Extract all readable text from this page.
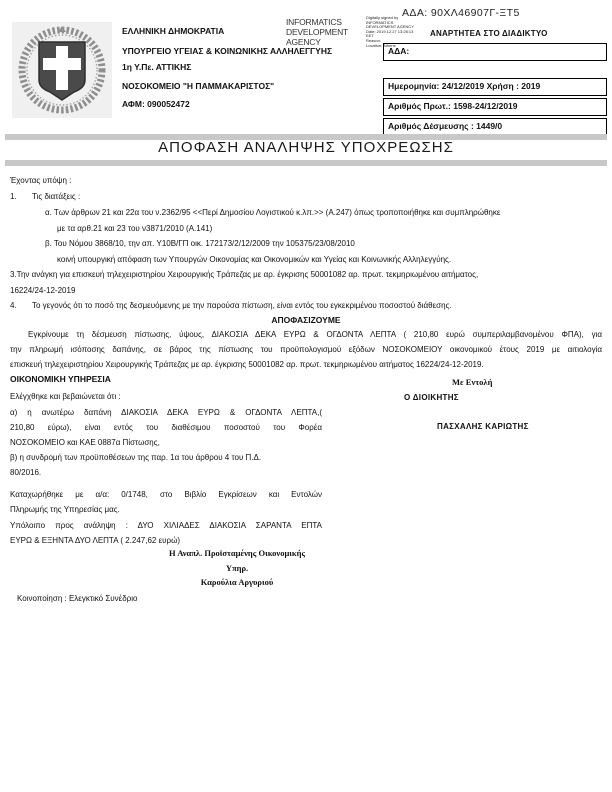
ΕΛΛΗΝΙΚΗ ΔΗΜΟΚΡΑΤΙΑ
ΥΠΟΥΡΓΕΙΟ ΥΓΕΙΑΣ & ΚΟΙΝΩΝΙΚΗΣ ΑΛΛΗΛΕΓΓΥΗΣ
1η Υ.Πε. ΑΤΤΙΚΗΣ
ΝΟΣΟΚΟΜΕΙΟ "Η ΠΑΜΜΑΚΑΡΙΣΤΟΣ"
ΑΦΜ: 090052472
INFORMATICS DEVELOPMENT AGENCY
Digitally signed by
INFORMATICS
DEVELOPMENT AGENCY
Date: 2019.12.27 13:28:13
EET
Reason:
Location: Athens
ΑΔΑ: 90ΧΛ46907Γ-ΞΤ5
ΑΝΑΡΤΗΤΕΑ ΣΤΟ ΔΙΑΔΙΚΤΥΟ
ΑΔΑ:
Ημερομηνία: 24/12/2019 Χρήση : 2019
Αριθμός Πρωτ.: 1598-24/12/2019
Αριθμός Δέσμευσης : 1449/0
ΑΠΟΦΑΣΗ ΑΝΑΛΗΨΗΣ ΥΠΟΧΡΕΩΣΗΣ
Έχοντας υπόψη :
1. Τις διατάξεις :
α. Των άρθρων 21 και 22α του ν.2362/95 <<Περί Δημοσίου Λογιστικού κ.λπ.>> (Α.247) όπως τροποποιήθηκε και συμπληρώθηκε
με τα αρθ.21 και 23 του ν3871/2010 (Α.141)
β. Του Νόμου 3868/10, την απ. Υ10Β/ΓΠ οικ. 172173/2/12/2009 την 105375/23/08/2010
κοινή υπουργική απόφαση των Υπουργών Οικονομίας και Οικονομικών και Υγείας και Κοινωνικής Αλληλεγγύης.
3.Την ανάγκη για επισκευή τηλεχειριστηρίου Χειρουργικής Τράπεζας με αρ. έγκρισης 50001082 αρ. πρωτ. τεκμηριωμένου αιτήματος,
16224/24-12-2019
4. Το γεγονός ότι το ποσό της δεσμευόμενης με την παρούσα πίστωση, είναι εντός του εγκεκριμένου ποσοστού διάθεσης.
ΑΠΟΦΑΣΙΖΟΥΜΕ
Εγκρίνουμε τη δέσμευση πίστωσης, ύψους, ΔΙΑΚΟΣΙΑ ΔΕΚΑ ΕΥΡΩ & ΟΓΔΟΝΤΑ ΛΕΠΤΑ ( 210,80 ευρώ συμπεριλαμβανομένου ΦΠΑ), για
την πληρωμή ισόποσης δαπάνης, σε βάρος της πίστωσης του προϋπολογισμού εξόδων ΝΟΣΟΚΟΜΕΙΟΥ οικονομικού έτους 2019 με αιτιολογία
επισκευή τηλεχειριστηρίου Χειρουργικής Τράπεζας με αρ. έγκρισης 50001082 αρ. πρωτ. τεκμηριωμένου αιτήματος 16224/24-12-2019.
ΟΙΚΟΝΟΜΙΚΗ ΥΠΗΡΕΣΙΑ
Ελέγχθηκε και βεβαιώνεται ότι :
α) η ανωτέρω δαπάνη ΔΙΑΚΟΣΙΑ ΔΕΚΑ ΕΥΡΩ & ΟΓΔΟΝΤΑ ΛΕΠΤΑ,(
210,80 εύρω), είναι εντός του διαθέσιμου ποσοστού του Φορέα
ΝΟΣΟΚΟΜΕΙΟ και ΚΑΕ 0887α Πίστωσης,
β) η συνδρομή των προϋποθέσεων της παρ. 1α του άρθρου 4 του Π.Δ.
80/2016.
Καταχωρήθηκε με α/α: 0/1748, στο Βιβλίο Εγκρίσεων και Εντολών
Πληρωμής της Υπηρεσίας μας.
Υπόλοιπο προς ανάληψη : ΔΥΟ ΧΙΛΙΑΔΕΣ ΔΙΑΚΟΣΙΑ ΣΑΡΑΝΤΑ ΕΠΤΑ
ΕΥΡΩ & ΕΞΗΝΤΑ ΔΥΟ ΛΕΠΤΑ ( 2.247,62 ευρώ)
Η Αναπλ. Προϊσταμένης Οικονομικής
Υπηρ.
Καρούλια Αργυριού
Με Εντολή
Ο ΔΙΟΙΚΗΤΗΣ
ΠΑΣΧΑΛΗΣ ΚΑΡΙΩΤΗΣ
Κοινοποίηση : Ελεγκτικό Συνέδριο
